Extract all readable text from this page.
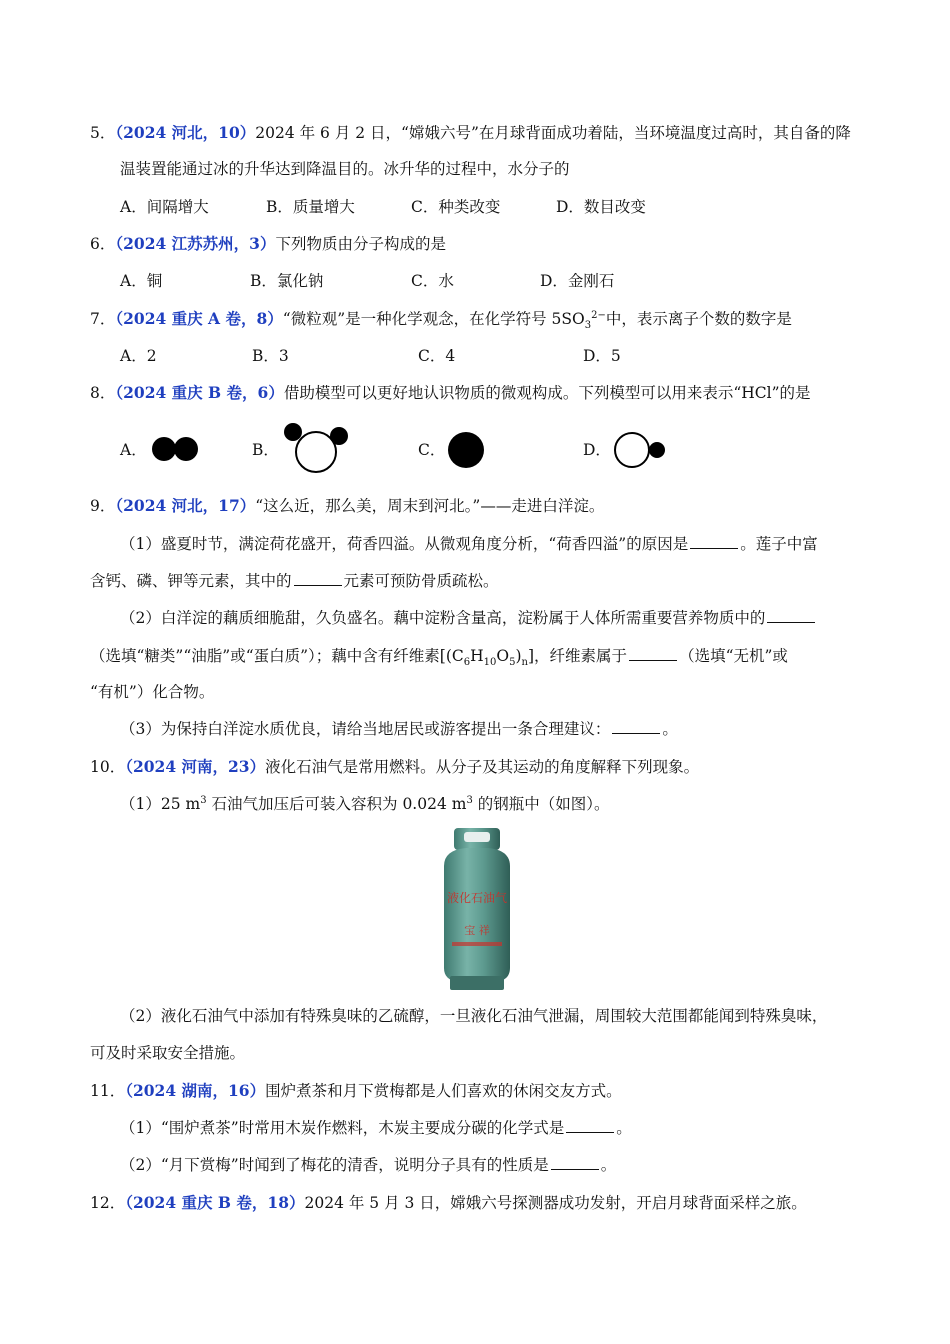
5．（2024 河北，10）2024 年 6 月 2 日，“嫦娥六号”在月球背面成功着陆，当环境温度过高时，其自备的降
温装置能通过冰的升华达到降温目的。冰升华的过程中，水分子的
A．间隔增大	B．质量增大	C．种类改变	D．数目改变
6．（2024 江苏苏州，3）下列物质由分子构成的是
A．铜	B．氯化钠	C．水	D．金刚石
7．（2024 重庆 A 卷，8）“微粒观”是一种化学观念，在化学符号 $5SO_3^{2-}$中，表示离子个数的数字是
A．2	B．3	C．4	D．5
8．（2024 重庆 B 卷，6）借助模型可以更好地认识物质的微观构成。下列模型可以用来表示“HCl”的是
A．	B．	C．	D．
9．（2024 河北，17）“这么近，那么美，周末到河北。”——走进白洋淀。
（1）盛夏时节，满淀荷花盛开，荷香四溢。从微观角度分析，“荷香四溢”的原因是	。莲子中富
含钙、磷、钾等元素，其中的	元素可预防骨质疏松。
（2）白洋淀的藕质细脆甜，久负盛名。藕中淀粉含量高，淀粉属于人体所需重要营养物质中的
（选填“糖类”“油脂”或“蛋白质”）；藕中含有纤维素$[(C_6H_{10}O_5)_n]$，纤维素属于	（选填“无机”或
“有机”）化合物。
（3）为保持白洋淀水质优良，请给当地居民或游客提出一条合理建议：	。
10．（2024 河南，23）液化石油气是常用燃料。从分子及其运动的角度解释下列现象。
（1）25 $m^3$ 石油气加压后可装入容积为 0.024 $m^3$ 的钢瓶中（如图）。
液化石油气
宝 祥
（2）液化石油气中添加有特殊臭味的乙硫醇，一旦液化石油气泄漏，周围较大范围都能闻到特殊臭味，
可及时采取安全措施。
11．（2024 湖南，16）围炉煮茶和月下赏梅都是人们喜欢的休闲交友方式。
（1）“围炉煮茶”时常用木炭作燃料，木炭主要成分碳的化学式是	。
（2）“月下赏梅”时闻到了梅花的清香，说明分子具有的性质是	。
12．（2024 重庆 B 卷，18）2024 年 5 月 3 日，嫦娥六号探测器成功发射，开启月球背面采样之旅。
